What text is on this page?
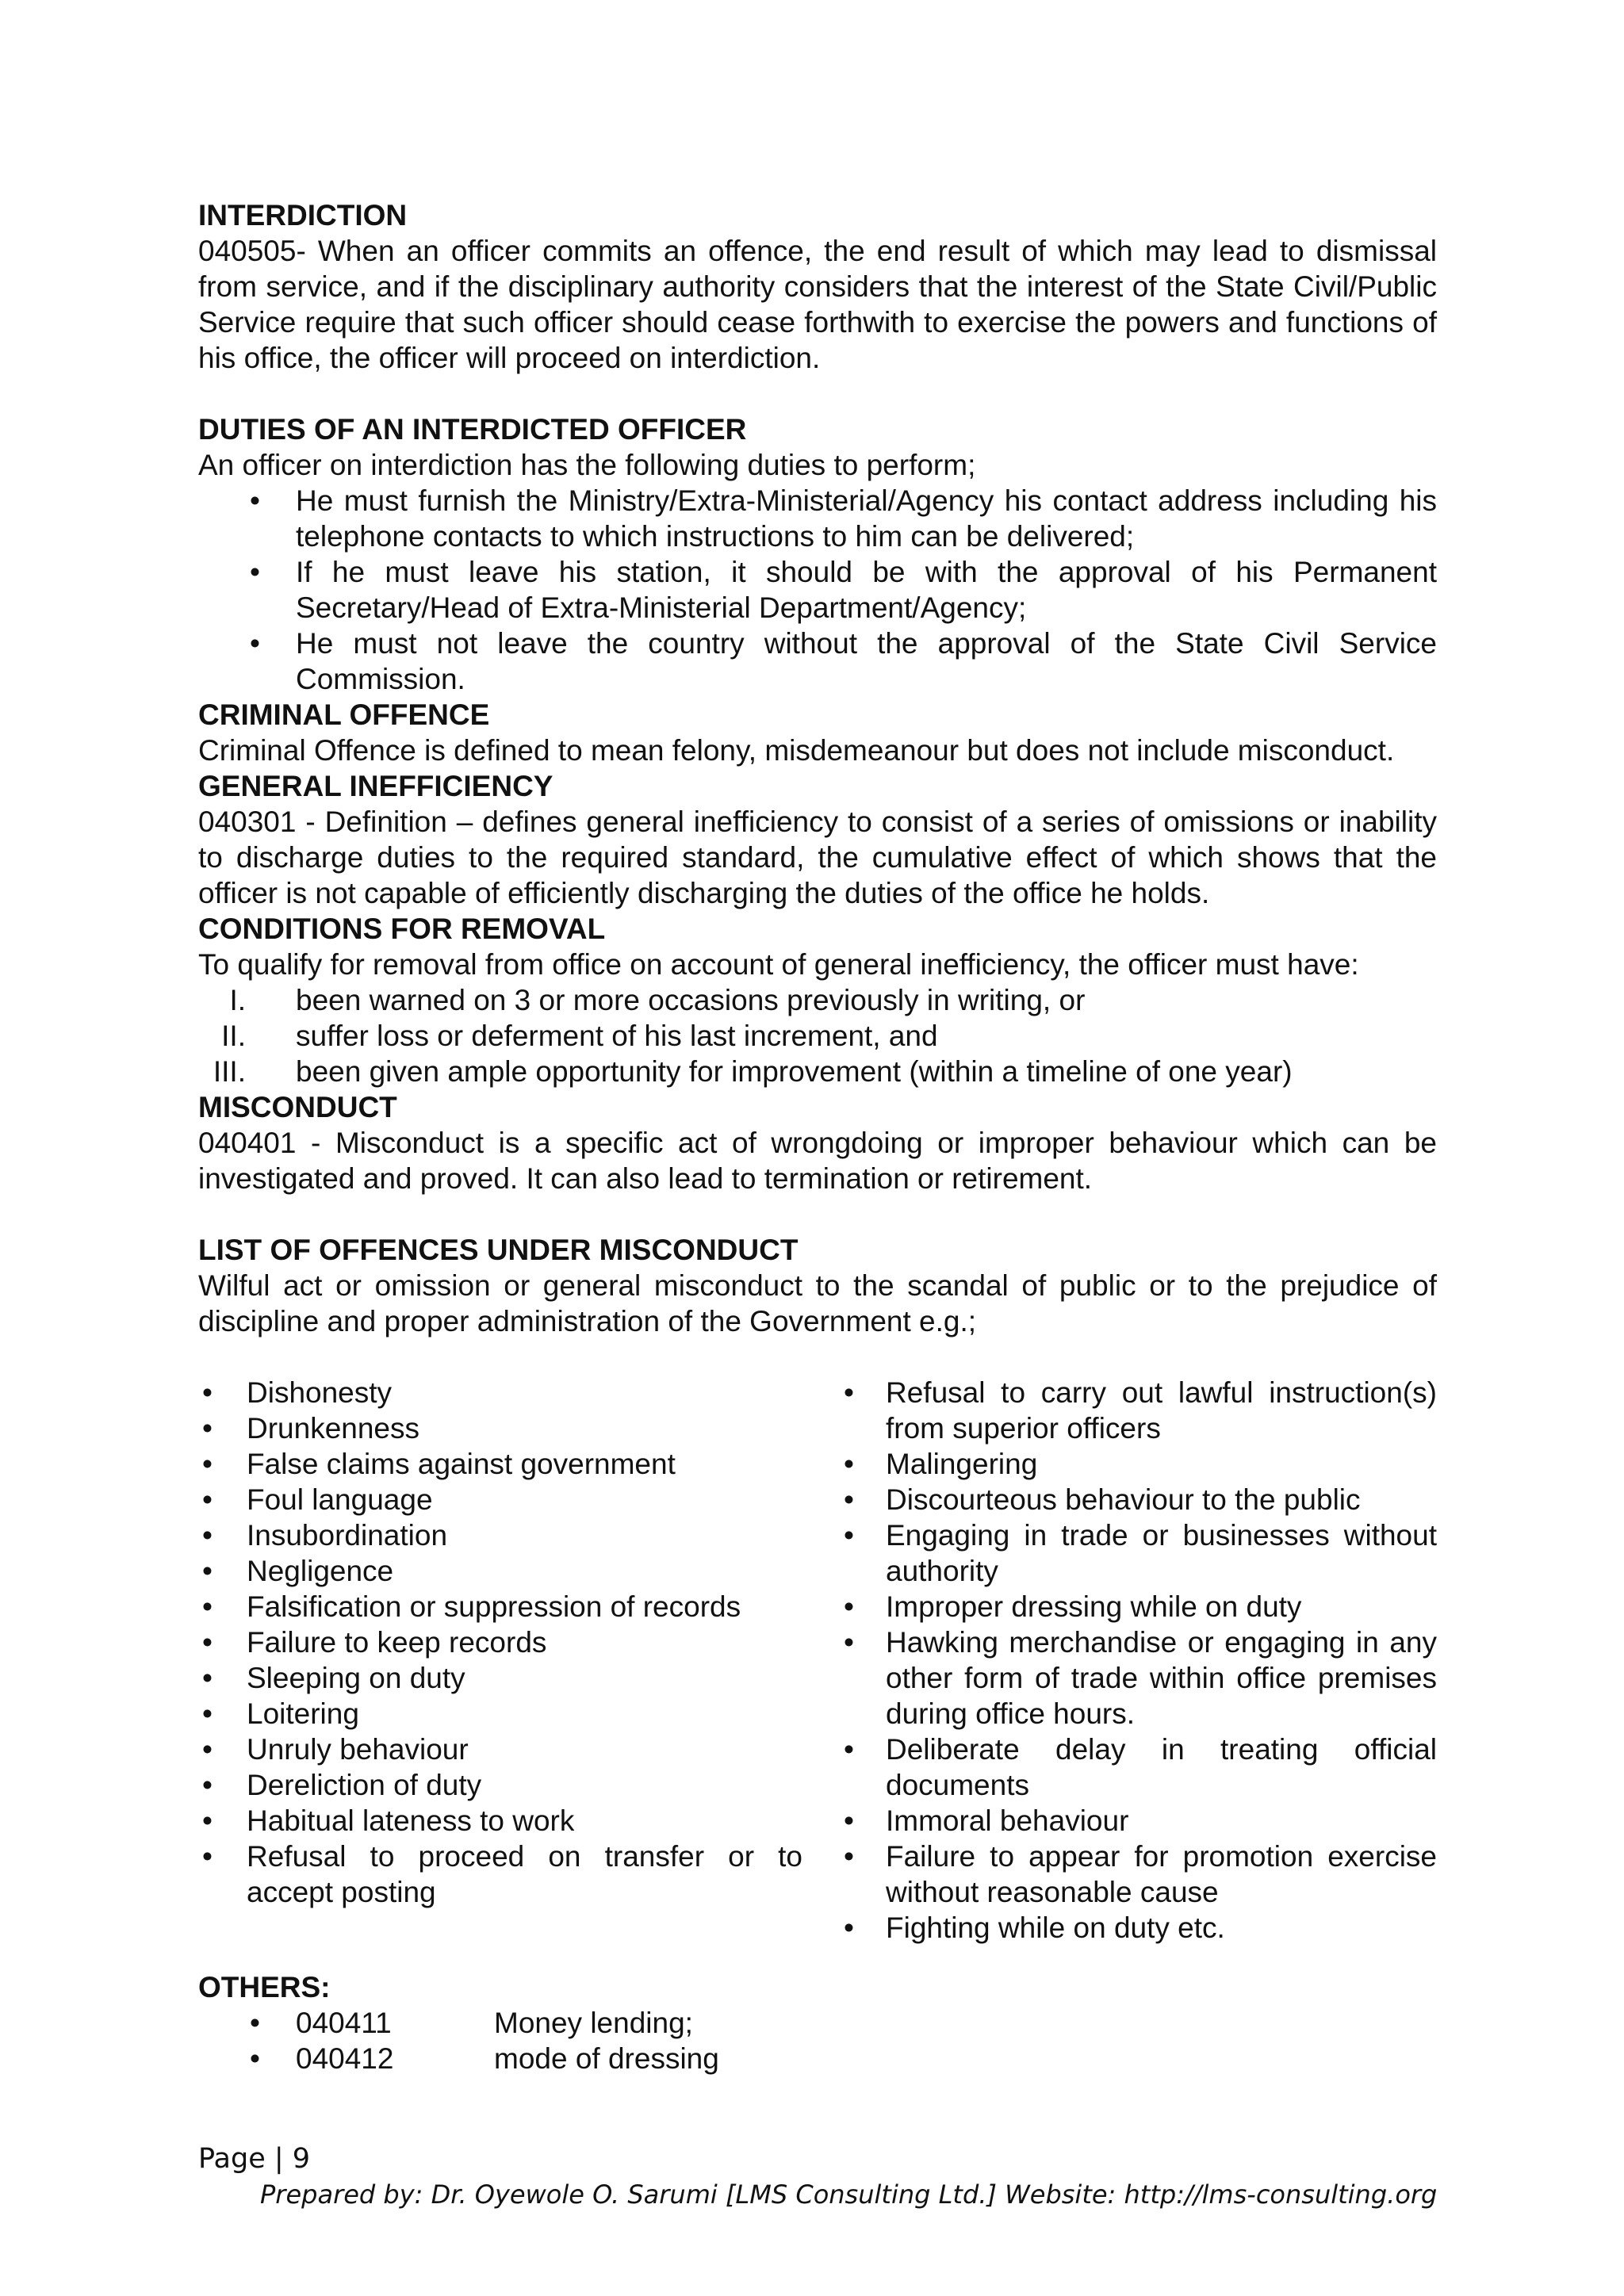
INTERDICTION

040505- When an officer commits an offence, the end result of which may lead to dismissal from service, and if the disciplinary authority considers that the interest of the State Civil/Public Service require that such officer should cease forthwith to exercise the powers and functions of his office, the officer will proceed on interdiction.

DUTIES OF AN INTERDICTED OFFICER

An officer on interdiction has the following duties to perform;

• He must furnish the Ministry/Extra-Ministerial/Agency his contact address including his telephone contacts to which instructions to him can be delivered;
• If he must leave his station, it should be with the approval of his Permanent Secretary/Head of Extra-Ministerial Department/Agency;
• He must not leave the country without the approval of the State Civil Service Commission.
CRIMINAL OFFENCE

Criminal Offence is defined to mean felony, misdemeanour but does not include misconduct.

GENERAL INEFFICIENCY

040301 - Definition – defines general inefficiency to consist of a series of omissions or inability to discharge duties to the required standard, the cumulative effect of which shows that the officer is not capable of efficiently discharging the duties of the office he holds.

CONDITIONS FOR REMOVAL

To qualify for removal from office on account of general inefficiency, the officer must have:

I. been warned on 3 or more occasions previously in writing, or
II. suffer loss or deferment of his last increment, and
III. been given ample opportunity for improvement (within a timeline of one year)
MISCONDUCT

040401 - Misconduct is a specific act of wrongdoing or improper behaviour which can be investigated and proved. It can also lead to termination or retirement.

LIST OF OFFENCES UNDER MISCONDUCT

Wilful act or omission or general misconduct to the scandal of public or to the prejudice of discipline and proper administration of the Government e.g.;

• Dishonesty
• Drunkenness
• False claims against government
• Foul language
• Insubordination
• Negligence
• Falsification or suppression of records
• Failure to keep records
• Sleeping on duty
• Loitering
• Unruly behaviour
• Dereliction of duty
• Habitual lateness to work
• Refusal to proceed on transfer or to accept posting
• Refusal to carry out lawful instruction(s) from superior officers
• Malingering
• Discourteous behaviour to the public
• Engaging in trade or businesses without authority
• Improper dressing while on duty
• Hawking merchandise or engaging in any other form of trade within office premises during office hours.
• Deliberate delay in treating official documents
• Immoral behaviour
• Failure to appear for promotion exercise without reasonable cause
• Fighting while on duty etc.
OTHERS:
• 040411	Money lending;
• 040412	mode of dressing
Page | 9
Prepared by: Dr. Oyewole O. Sarumi [LMS Consulting Ltd.] Website: http://lms-consulting.org
